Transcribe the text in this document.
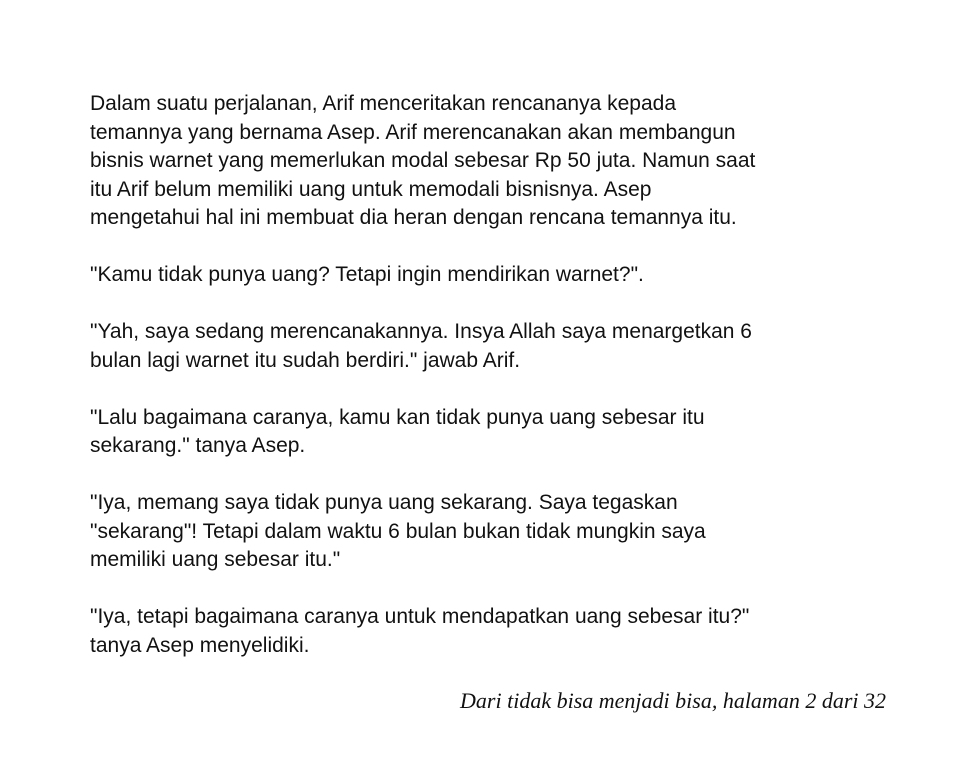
Dalam suatu perjalanan, Arif menceritakan rencananya kepada
temannya yang bernama Asep. Arif merencanakan akan membangun
bisnis warnet yang memerlukan modal sebesar Rp 50 juta. Namun saat
itu Arif belum memiliki uang untuk memodali bisnisnya. Asep
mengetahui hal ini membuat dia heran dengan rencana temannya itu.

"Kamu tidak punya uang? Tetapi ingin mendirikan warnet?".

"Yah, saya sedang merencanakannya. Insya Allah saya menargetkan 6
bulan lagi warnet itu sudah berdiri." jawab Arif.

"Lalu bagaimana caranya, kamu kan tidak punya uang sebesar itu
sekarang." tanya Asep.

"Iya, memang saya tidak punya uang sekarang. Saya tegaskan
"sekarang"! Tetapi dalam waktu 6 bulan bukan tidak mungkin saya
memiliki uang sebesar itu."

"Iya, tetapi bagaimana caranya untuk mendapatkan uang sebesar itu?"
tanya Asep menyelidiki.

Dari tidak bisa menjadi bisa, halaman 2 dari 32
